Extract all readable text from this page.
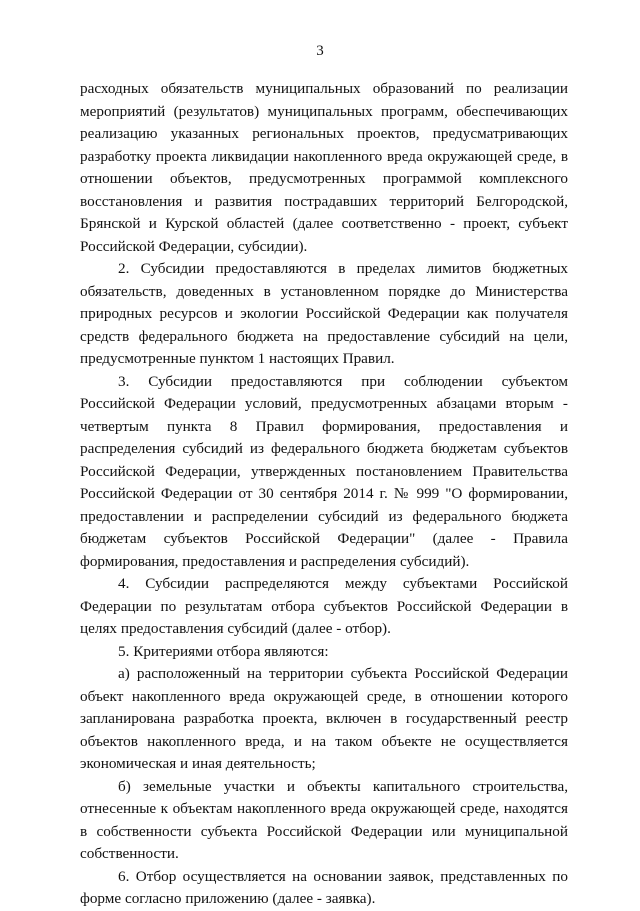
3

расходных обязательств муниципальных образований по реализации мероприятий (результатов) муниципальных программ, обеспечивающих реализацию указанных региональных проектов, предусматривающих разработку проекта ликвидации накопленного вреда окружающей среде, в отношении объектов, предусмотренных программой комплексного восстановления и развития пострадавших территорий Белгородской, Брянской и Курской областей (далее соответственно - проект, субъект Российской Федерации, субсидии).

2. Субсидии предоставляются в пределах лимитов бюджетных обязательств, доведенных в установленном порядке до Министерства природных ресурсов и экологии Российской Федерации как получателя средств федерального бюджета на предоставление субсидий на цели, предусмотренные пунктом 1 настоящих Правил.

3. Субсидии предоставляются при соблюдении субъектом Российской Федерации условий, предусмотренных абзацами вторым - четвертым пункта 8 Правил формирования, предоставления и распределения субсидий из федерального бюджета бюджетам субъектов Российской Федерации, утвержденных постановлением Правительства Российской Федерации от 30 сентября 2014 г. № 999 "О формировании, предоставлении и распределении субсидий из федерального бюджета бюджетам субъектов Российской Федерации" (далее - Правила формирования, предоставления и распределения субсидий).

4. Субсидии распределяются между субъектами Российской Федерации по результатам отбора субъектов Российской Федерации в целях предоставления субсидий (далее - отбор).

5. Критериями отбора являются:

а) расположенный на территории субъекта Российской Федерации объект накопленного вреда окружающей среде, в отношении которого запланирована разработка проекта, включен в государственный реестр объектов накопленного вреда, и на таком объекте не осуществляется экономическая и иная деятельность;

б) земельные участки и объекты капитального строительства, отнесенные к объектам накопленного вреда окружающей среде, находятся в собственности субъекта Российской Федерации или муниципальной собственности.

6. Отбор осуществляется на основании заявок, представленных по форме согласно приложению (далее - заявка).
